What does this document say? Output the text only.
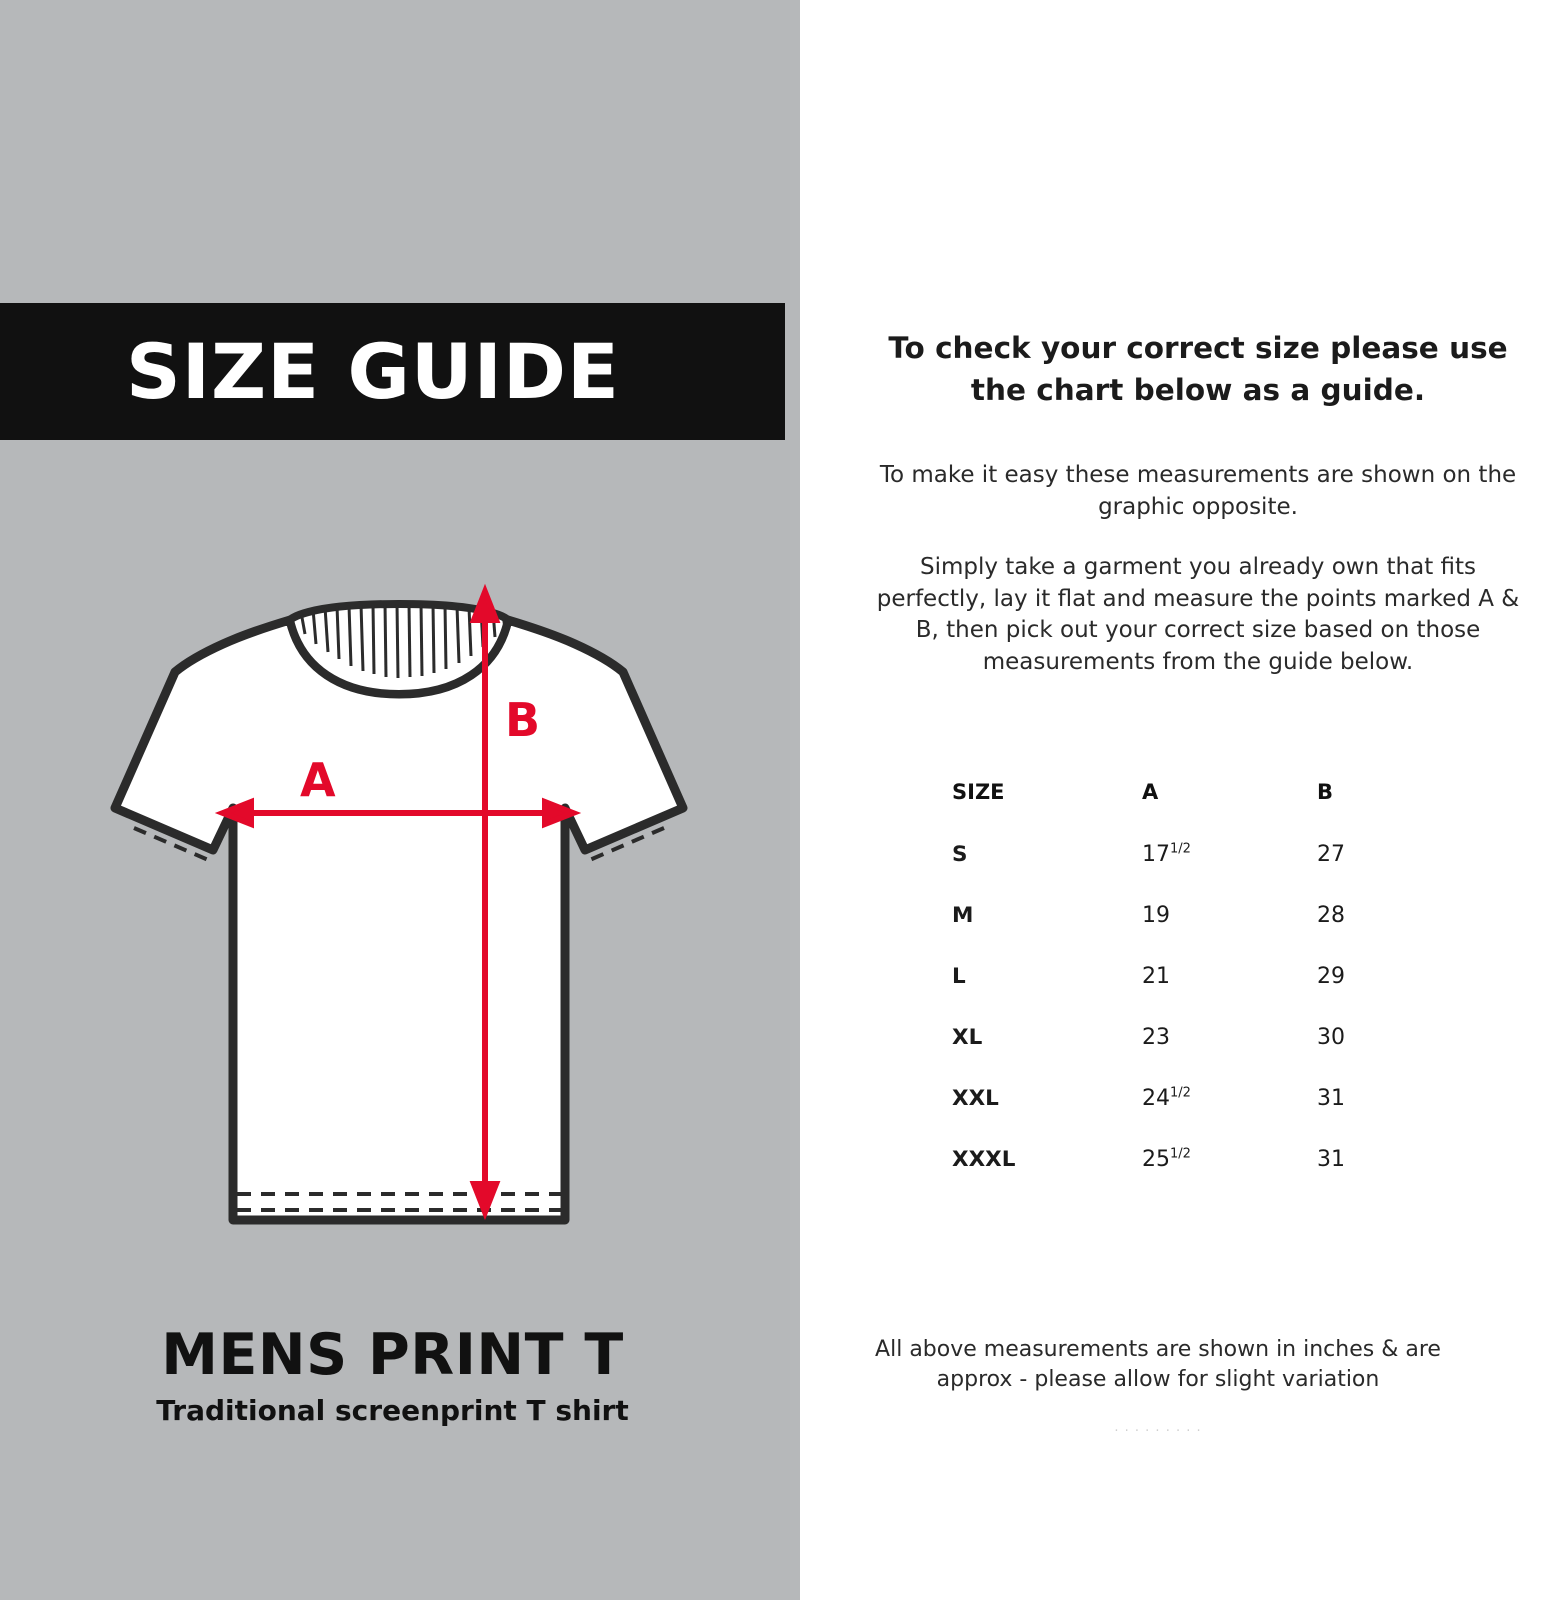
SIZE GUIDE
A
B
MENS PRINT T
Traditional screenprint T shirt
To check your correct size please use the chart below as a guide.
To make it easy these measurements are shown on the graphic opposite.
Simply take a garment you already own that fits perfectly, lay it flat and measure the points marked A & B, then pick out your correct size based on those measurements from the guide below.
SIZE	A	B
S	$17^{1/2}$	27
M	19	28
L	21	29
XL	23	30
XXL	$24^{1/2}$	31
XXXL	$25^{1/2}$	31
All above measurements are shown in inches & are approx - please allow for slight variation
. . . . . . . . .
